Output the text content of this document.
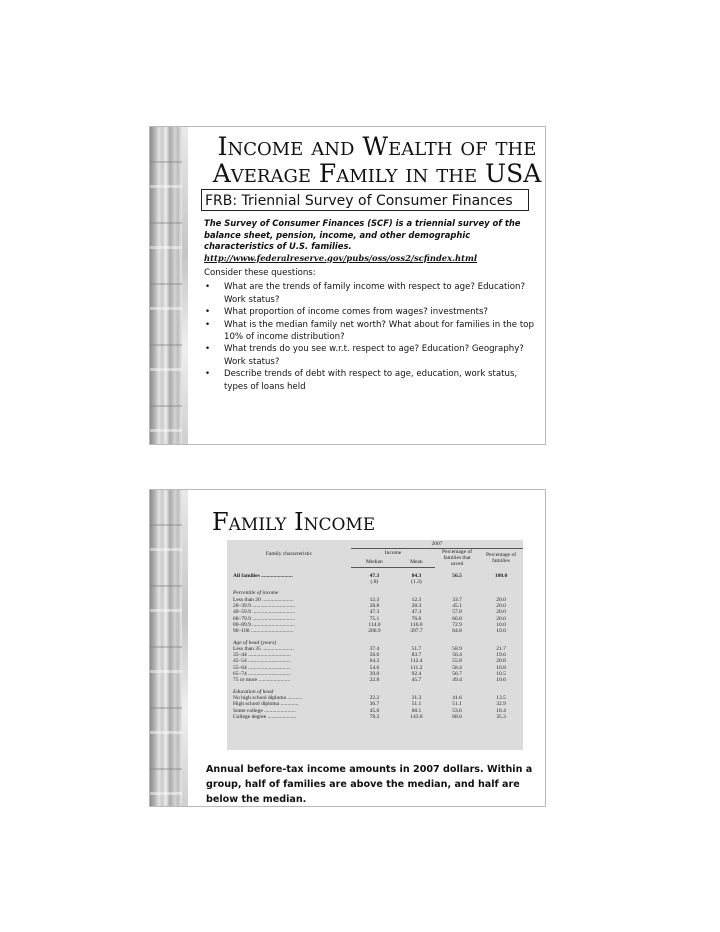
Income and Wealth of the Average Family in the USA
FRB: Triennial Survey of Consumer Finances
The Survey of Consumer Finances (SCF) is a triennial survey of the balance sheet, pension, income, and other demographic characteristics of U.S. families.
http://www.federalreserve.gov/pubs/oss/oss2/scfindex.html
Consider these questions:
• What are the trends of family income with respect to age? Education? Work status?
• What proportion of income comes from wages? investments?
• What is the median family net worth? What about for families in the top 10% of income distribution?
• What trends do you see w.r.t. respect to age? Education? Geography? Work status?
• Describe trends of debt with respect to age, education, work status, types of loans held
Family Income
Family characteristic	2007			
	Income		Percentage of families that saved	Percentage of families
	Median	Mean		

All families .......................	47.3	84.3	56.5	100.0
	(.8)	(1.3)		

Percentile of income				
Less than 20 .......................	12.3	12.3	33.7	20.0
20–39.9 ...............................	28.8	28.3	45.1	20.0
40–59.9 ...............................	47.3	47.3	57.8	20.0
60–79.9 ...............................	75.1	76.6	66.8	20.0
80–89.9 ...............................	114.0	116.0	72.9	10.0
90–100 ...............................	206.9	397.7	84.8	10.0

Age of head (years)				
Less than 35 .......................	37.4	51.7	58.9	21.7
35–44 ...............................	56.6	83.7	56.4	19.6
45–54 ...............................	64.2	112.4	55.8	20.8
55–64 ...............................	54.6	111.2	58.4	16.8
65–74 ...............................	39.0	92.4	56.7	10.5
75 or more .......................	22.8	45.7	49.4	10.6

Education of head				
No high school diploma ...........	22.2	31.3	41.6	13.5
High school diploma .............	36.7	51.1	51.1	32.9
Some college .......................	45.6	68.1	53.6	18.4
College degree .....................	78.2	143.8	68.6	35.3
Annual before-tax income amounts in 2007 dollars. Within a group, half of families are above the median, and half are below the median.
